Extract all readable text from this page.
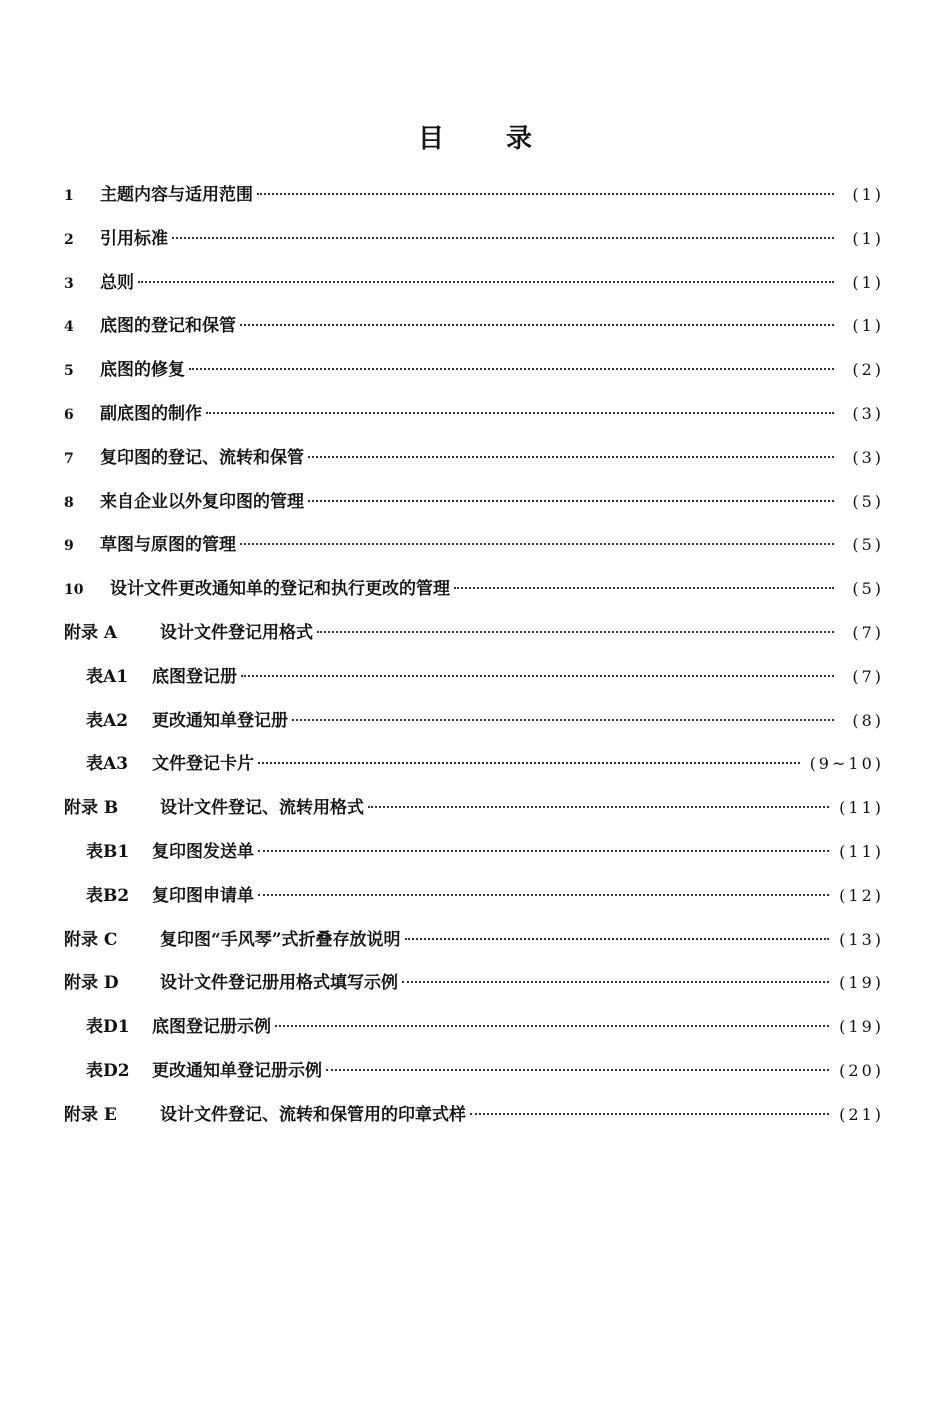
目录
1	主题内容与适用范围	(1)
2	引用标准	(1)
3	总则	(1)
4	底图的登记和保管	(1)
5	底图的修复	(2)
6	副底图的制作	(3)
7	复印图的登记、流转和保管	(3)
8	来自企业以外复印图的管理	(5)
9	草图与原图的管理	(5)
10	设计文件更改通知单的登记和执行更改的管理	(5)
附录 A	设计文件登记用格式	(7)
表A1	底图登记册	(7)
表A2	更改通知单登记册	(8)
表A3	文件登记卡片	(9~10)
附录 B	设计文件登记、流转用格式	(11)
表B1	复印图发送单	(11)
表B2	复印图申请单	(12)
附录 C	复印图“手风琴”式折叠存放说明	(13)
附录 D	设计文件登记册用格式填写示例	(19)
表D1	底图登记册示例	(19)
表D2	更改通知单登记册示例	(20)
附录 E	设计文件登记、流转和保管用的印章式样	(21)
